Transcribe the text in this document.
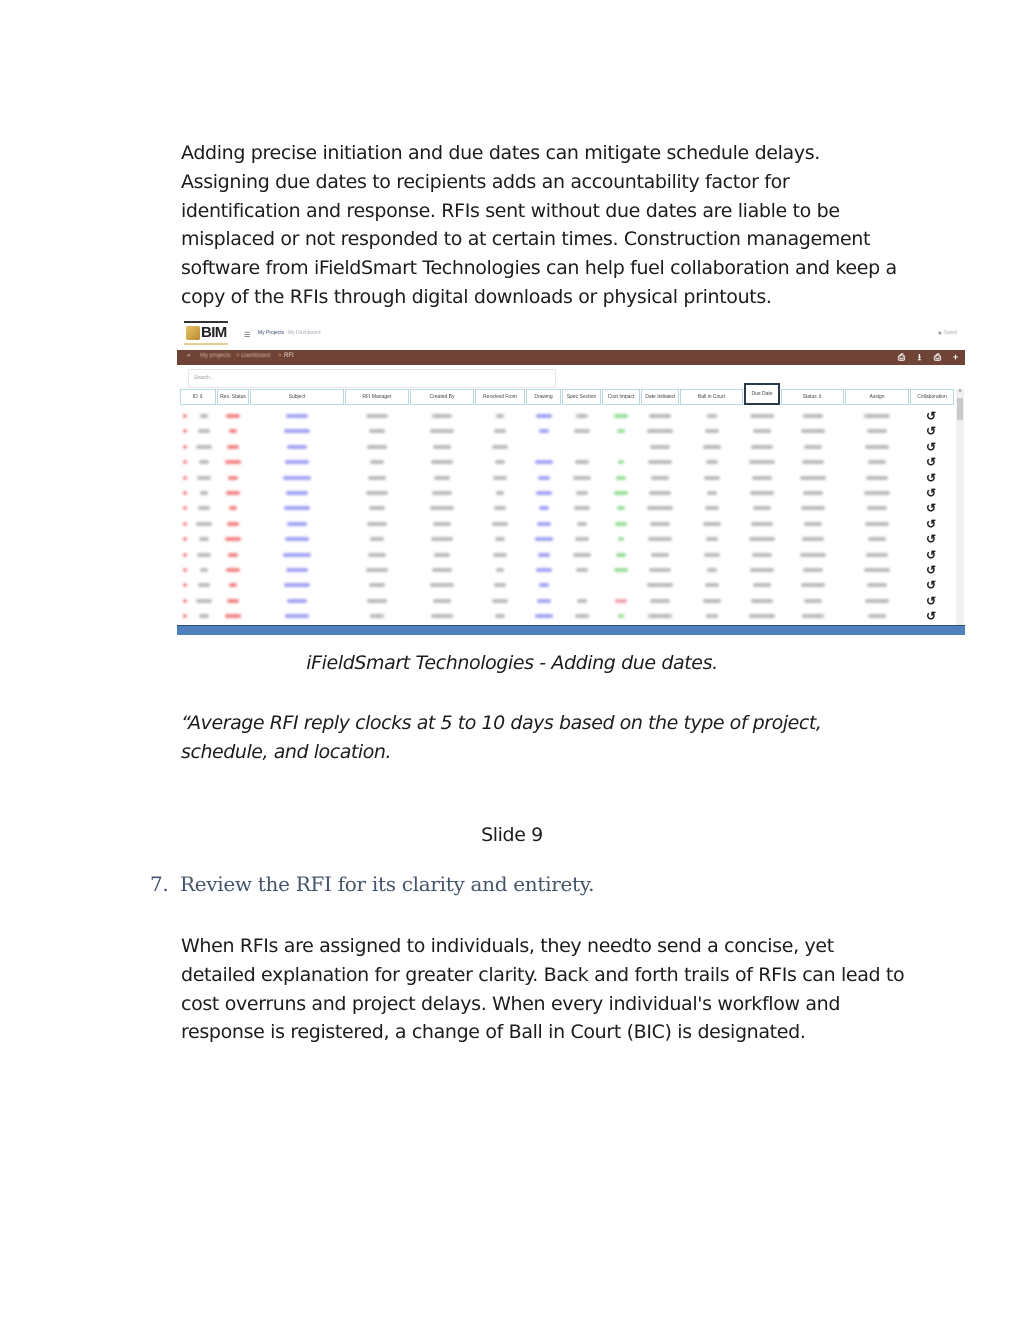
Adding precise initiation and due dates can mitigate schedule delays. Assigning due dates to recipients adds an accountability factor for identification and response. RFIs sent without due dates are liable to be misplaced or not responded to at certain times. Construction management software from iFieldSmart Technologies can help fuel collaboration and keep a copy of the RFIs through digital downloads or physical printouts.

BIM ☰ My Projects My Dashboard	▲ Guest
« My projects > Dashboard > RFI	⎙	⭳	⎙	+
Search...
ID ⇕	Res. Status	Subject	RFI Manager	Created By	Received From	Drawing	Spec Section	Cost Impact	Date Initiated	Ball in Court	Due Date	Status ⇕	Assign	Collaboration
↺
↺
↺
↺
↺
↺
↺
↺
↺
↺
↺
↺
↺
↺
˄
iFieldSmart Technologies - Adding due dates.

“Average RFI reply clocks at 5 to 10 days based on the type of project, schedule, and location.

Slide 9
7. Review the RFI for its clarity and entirety.

When RFIs are assigned to individuals, they needto send a concise, yet detailed explanation for greater clarity. Back and forth trails of RFIs can lead to cost overruns and project delays. When every individual's workflow and response is registered, a change of Ball in Court (BIC) is designated.
